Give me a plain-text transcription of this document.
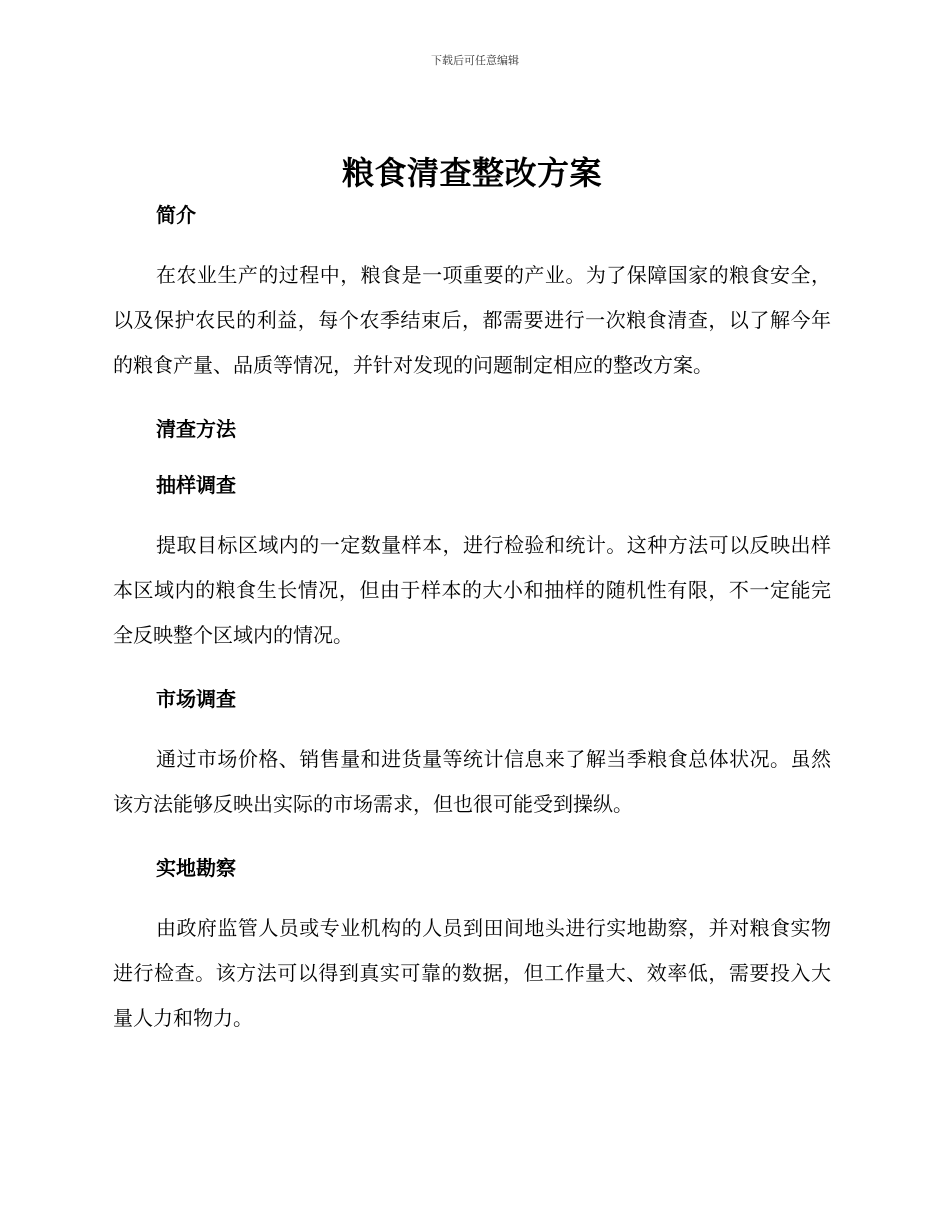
下载后可任意编辑
粮食清查整改方案
简介

在农业生产的过程中，粮食是一项重要的产业。为了保障国家的粮食安全，以及保护农民的利益，每个农季结束后，都需要进行一次粮食清查，以了解今年的粮食产量、品质等情况，并针对发现的问题制定相应的整改方案。

清查方法
抽样调查

提取目标区域内的一定数量样本，进行检验和统计。这种方法可以反映出样本区域内的粮食生长情况，但由于样本的大小和抽样的随机性有限，不一定能完全反映整个区域内的情况。

市场调查

通过市场价格、销售量和进货量等统计信息来了解当季粮食总体状况。虽然该方法能够反映出实际的市场需求，但也很可能受到操纵。

实地勘察

由政府监管人员或专业机构的人员到田间地头进行实地勘察，并对粮食实物进行检查。该方法可以得到真实可靠的数据，但工作量大、效率低，需要投入大量人力和物力。
